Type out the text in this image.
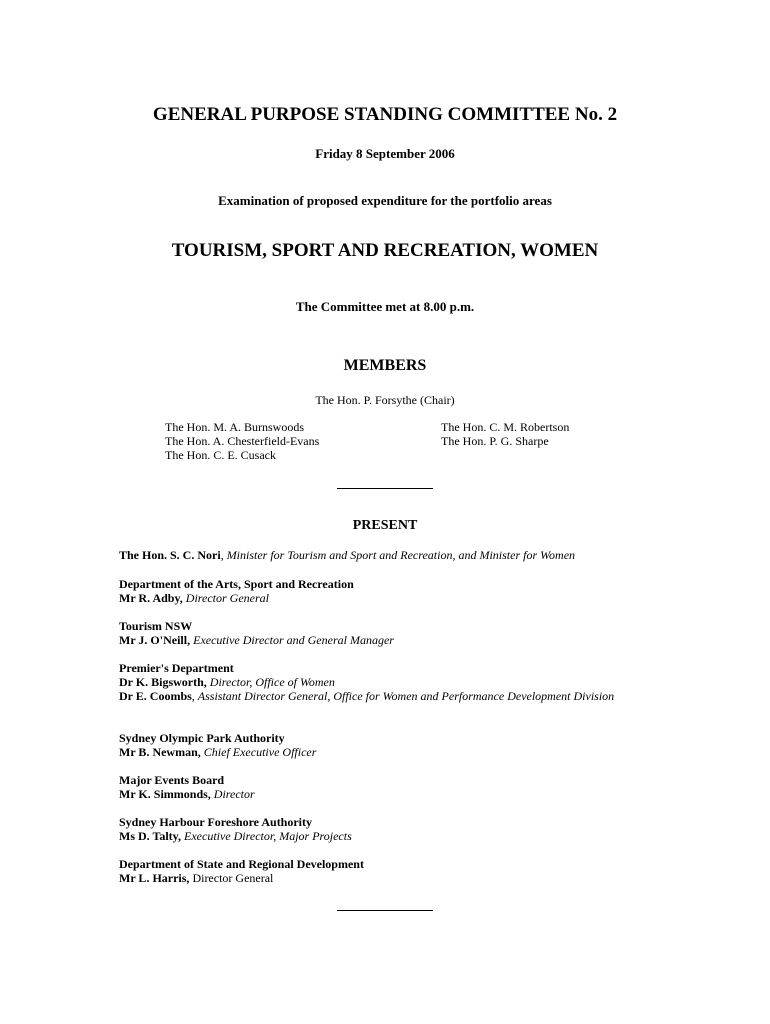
GENERAL PURPOSE STANDING COMMITTEE No. 2
Friday 8 September 2006
Examination of proposed expenditure for the portfolio areas
TOURISM, SPORT AND RECREATION, WOMEN
The Committee met at 8.00 p.m.
MEMBERS
The Hon. P. Forsythe (Chair)
The Hon. M. A. Burnswoods
The Hon. A. Chesterfield-Evans
The Hon. C. E. Cusack
The Hon. C. M. Robertson
The Hon. P. G. Sharpe
PRESENT
The Hon. S. C. Nori, Minister for Tourism and Sport and Recreation, and Minister for Women
Department of the Arts, Sport and Recreation
Mr R. Adby, Director General
Tourism NSW
Mr J. O'Neill, Executive Director and General Manager
Premier's Department
Dr K. Bigsworth, Director, Office of Women
Dr E. Coombs, Assistant Director General, Office for Women and Performance Development Division
Sydney Olympic Park Authority
Mr B. Newman, Chief Executive Officer
Major Events Board
Mr K. Simmonds, Director
Sydney Harbour Foreshore Authority
Ms D. Talty, Executive Director, Major Projects
Department of State and Regional Development
Mr L. Harris, Director General
